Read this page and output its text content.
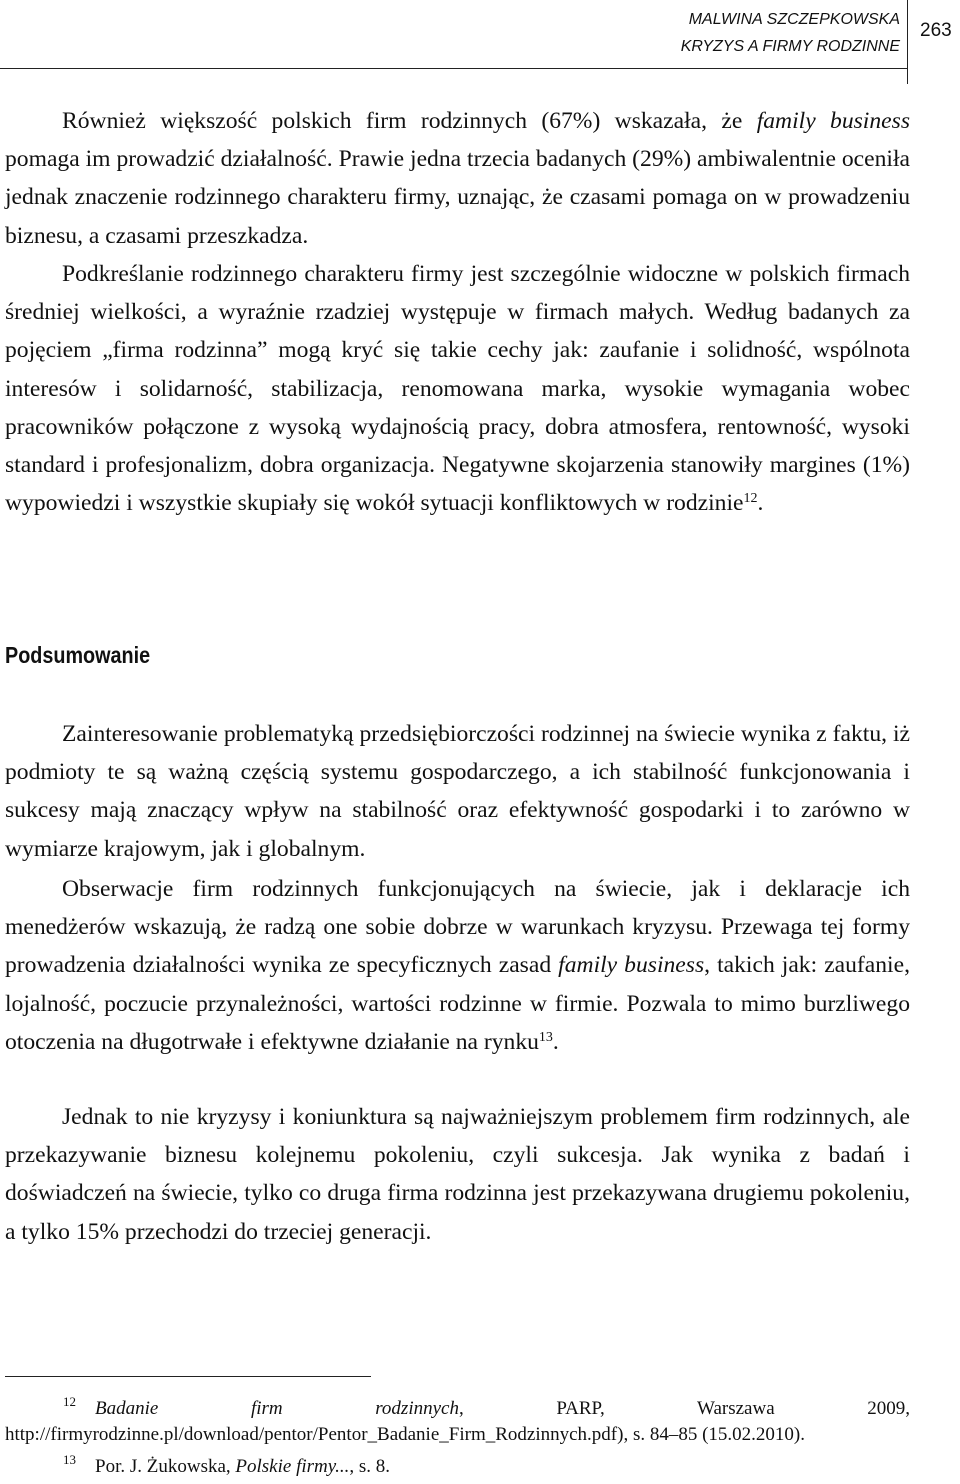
MALWINA SZCZEPKOWSKA
KRYZYS A FIRMY RODZINNE
263

Również większość polskich firm rodzinnych (67%) wskazała, że family business pomaga im prowadzić działalność. Prawie jedna trzecia badanych (29%) ambiwalentnie oceniła jednak znaczenie rodzinnego charakteru firmy, uznając, że czasami pomaga on w prowadzeniu biznesu, a czasami przeszkadza.

Podkreślanie rodzinnego charakteru firmy jest szczególnie widoczne w polskich firmach średniej wielkości, a wyraźnie rzadziej występuje w firmach małych. Według badanych za pojęciem „firma rodzinna” mogą kryć się takie cechy jak: zaufanie i solidność, wspólnota interesów i solidarność, stabilizacja, renomowana marka, wysokie wymagania wobec pracowników połączone z wysoką wydajnością pracy, dobra atmosfera, rentowność, wysoki standard i profesjonalizm, dobra organizacja. Negatywne skojarzenia stanowiły margines (1%) wypowiedzi i wszystkie skupiały się wokół sytuacji konfliktowych w rodzinie$^{12}$.

Podsumowanie

Zainteresowanie problematyką przedsiębiorczości rodzinnej na świecie wynika z faktu, iż podmioty te są ważną częścią systemu gospodarczego, a ich stabilność funkcjonowania i sukcesy mają znaczący wpływ na stabilność oraz efektywność gospodarki i to zarówno w wymiarze krajowym, jak i globalnym.

Obserwacje firm rodzinnych funkcjonujących na świecie, jak i deklaracje ich menedżerów wskazują, że radzą one sobie dobrze w warunkach kryzysu. Przewaga tej formy prowadzenia działalności wynika ze specyficznych zasad family business, takich jak: zaufanie, lojalność, poczucie przynależności, wartości rodzinne w firmie. Pozwala to mimo burzliwego otoczenia na długotrwałe i efektywne działanie na rynku$^{13}$.

Jednak to nie kryzysy i koniunktura są najważniejszym problemem firm rodzinnych, ale przekazywanie biznesu kolejnemu pokoleniu, czyli sukcesja. Jak wynika z badań i doświadczeń na świecie, tylko co druga firma rodzinna jest przekazywana drugiemu pokoleniu, a tylko 15% przechodzi do trzeciej generacji.

12 Badanie firm rodzinnych, PARP, Warszawa 2009, http://firmyrodzinne.pl/download/pentor/Pentor_Badanie_Firm_Rodzinnych.pdf), s. 84–85 (15.02.2010).

13 Por. J. Żukowska, Polskie firmy..., s. 8.
